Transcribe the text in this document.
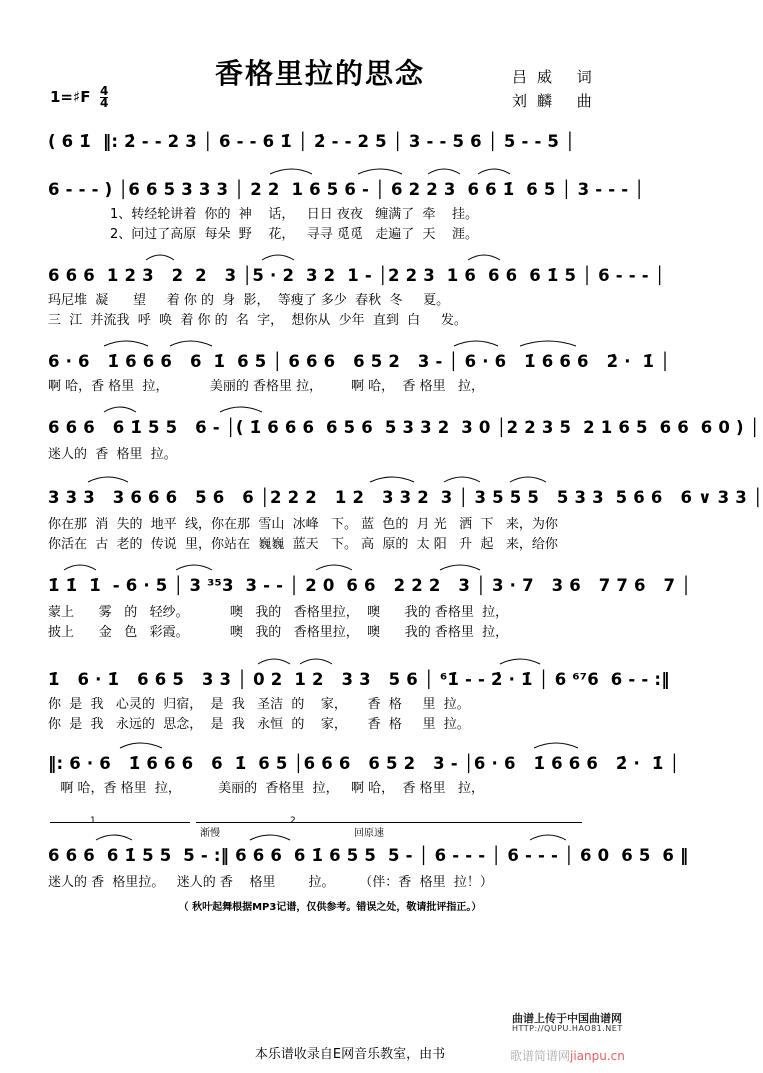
香格里拉的思念	吕威 词
刘麟 曲
1=♯F 4
4
( 6 1̇  ‖: 2̇ - - 2 3 │ 6 - - 6 1̇ │ 2̇ - - 2 5 │ 3 - - 5 6 │ 5 - - 5 │
6 - - - ) │6 6 5 3 3 3 │ 2 2  1 6 5 6 - │ 6 2 2 3  6 6 1̇  6 5 │ 3 - - - │
1、转经轮讲着  你的  神    话，   日日 夜夜   缠满了  牵    挂。
2、问过了高原  每朵  野    花，   寻寻 觅觅   走遍了  天    涯。
6 6 6  1 2 3   2  2   3 │5 · 2  3 2  1 - │2 2 3  1 6  6 6  6 1̇ 5 │ 6 - - - │
玛尼堆  凝      望     着 你 的  身  影，  等瘦了 多少  春秋  冬     夏。
三  江  并流我  呼  唤  着 你 的  名  字，  想你从  少年  直到  白     发。
6 · 6   1̇ 6 6 6   6  1̇  6 5 │ 6 6 6   6 5 2   3 - │ 6 · 6   1̇ 6 6 6   2̇ ·  1̇ │
啊 哈，香 格里  拉，          美丽的 香格里 拉，       啊 哈，  香 格里   拉，
6 6 6   6 1̇ 5 5   6 - │( 1̇ 6 6 6  6 5 6  5 3 3 2  3 0 │2 2 3 5  2 1 6 5  6 6  6 0 ) │
迷人的  香  格里  拉。
3 3 3   3 6 6 6   5 6   6 │2 2 2   1 2   3 3 2  3 │ 3 5 5 5   5 3 3  5 6 6   6 ∨ 3 3 │
你在那  消  失的  地平  线，你在那  雪山  冰峰   下。 蓝  色的  月 光   洒  下   来，为你
你活在  古  老的  传说  里，你站在  巍巍  蓝天   下。 高  原的  太 阳   升  起   来，给你
1̇ 1̇  1̇  - 6 · 5 │ 3 ³⁵3  3 - - │ 2 0  6 6   2 2 2   3 │ 3 · 7   3 6   7 7 6   7 │
蒙上      雾   的   轻纱。          噢   我的   香格里拉，  噢      我的 香格里  拉，
披上      金   色   彩霞。          噢   我的   香格里拉，  噢      我的 香格里  拉，
1̇   6 · 1̇   6 6 5   3 3 │ 0 2  1 2   3 3   5 6 │ ⁶1̇ - - 2̇ · 1̇ │ 6 ⁶⁷6  6 - - :‖
你  是  我   心灵的  归宿，  是  我   圣洁  的    家，     香  格     里  拉。
你  是  我   永远的  思念，  是  我   永恒  的    家，     香  格     里  拉。
‖: 6 · 6   1̇ 6 6 6   6  1̇  6 5 │6 6 6   6 5 2   3 - │6 · 6   1̇ 6 6 6   2̇ ·  1̇ │
啊 哈，香 格里  拉，         美丽的  香格里  拉，   啊 哈，  香 格里   拉，
1	2
渐慢	回原速
6 6 6  6 1̇ 5 5  5 - :‖ 6 6 6  6 1̇ 6 5 5  5 - │ 6 - - - │ 6 - - - │ 6 0  6 5  6 ‖
迷人的 香  格里拉。   迷人的 香    格里        拉。      （伴：香  格里  拉！）
（ 秋叶起舞根据MP3记谱，仅供参考。错误之处，敬请批评指正。）
曲谱上传于中国曲谱网
HTTP://QUPU.HAO81.NET
本乐谱收录自E网音乐教室，由书	歌谱简谱网jianpu.cn
